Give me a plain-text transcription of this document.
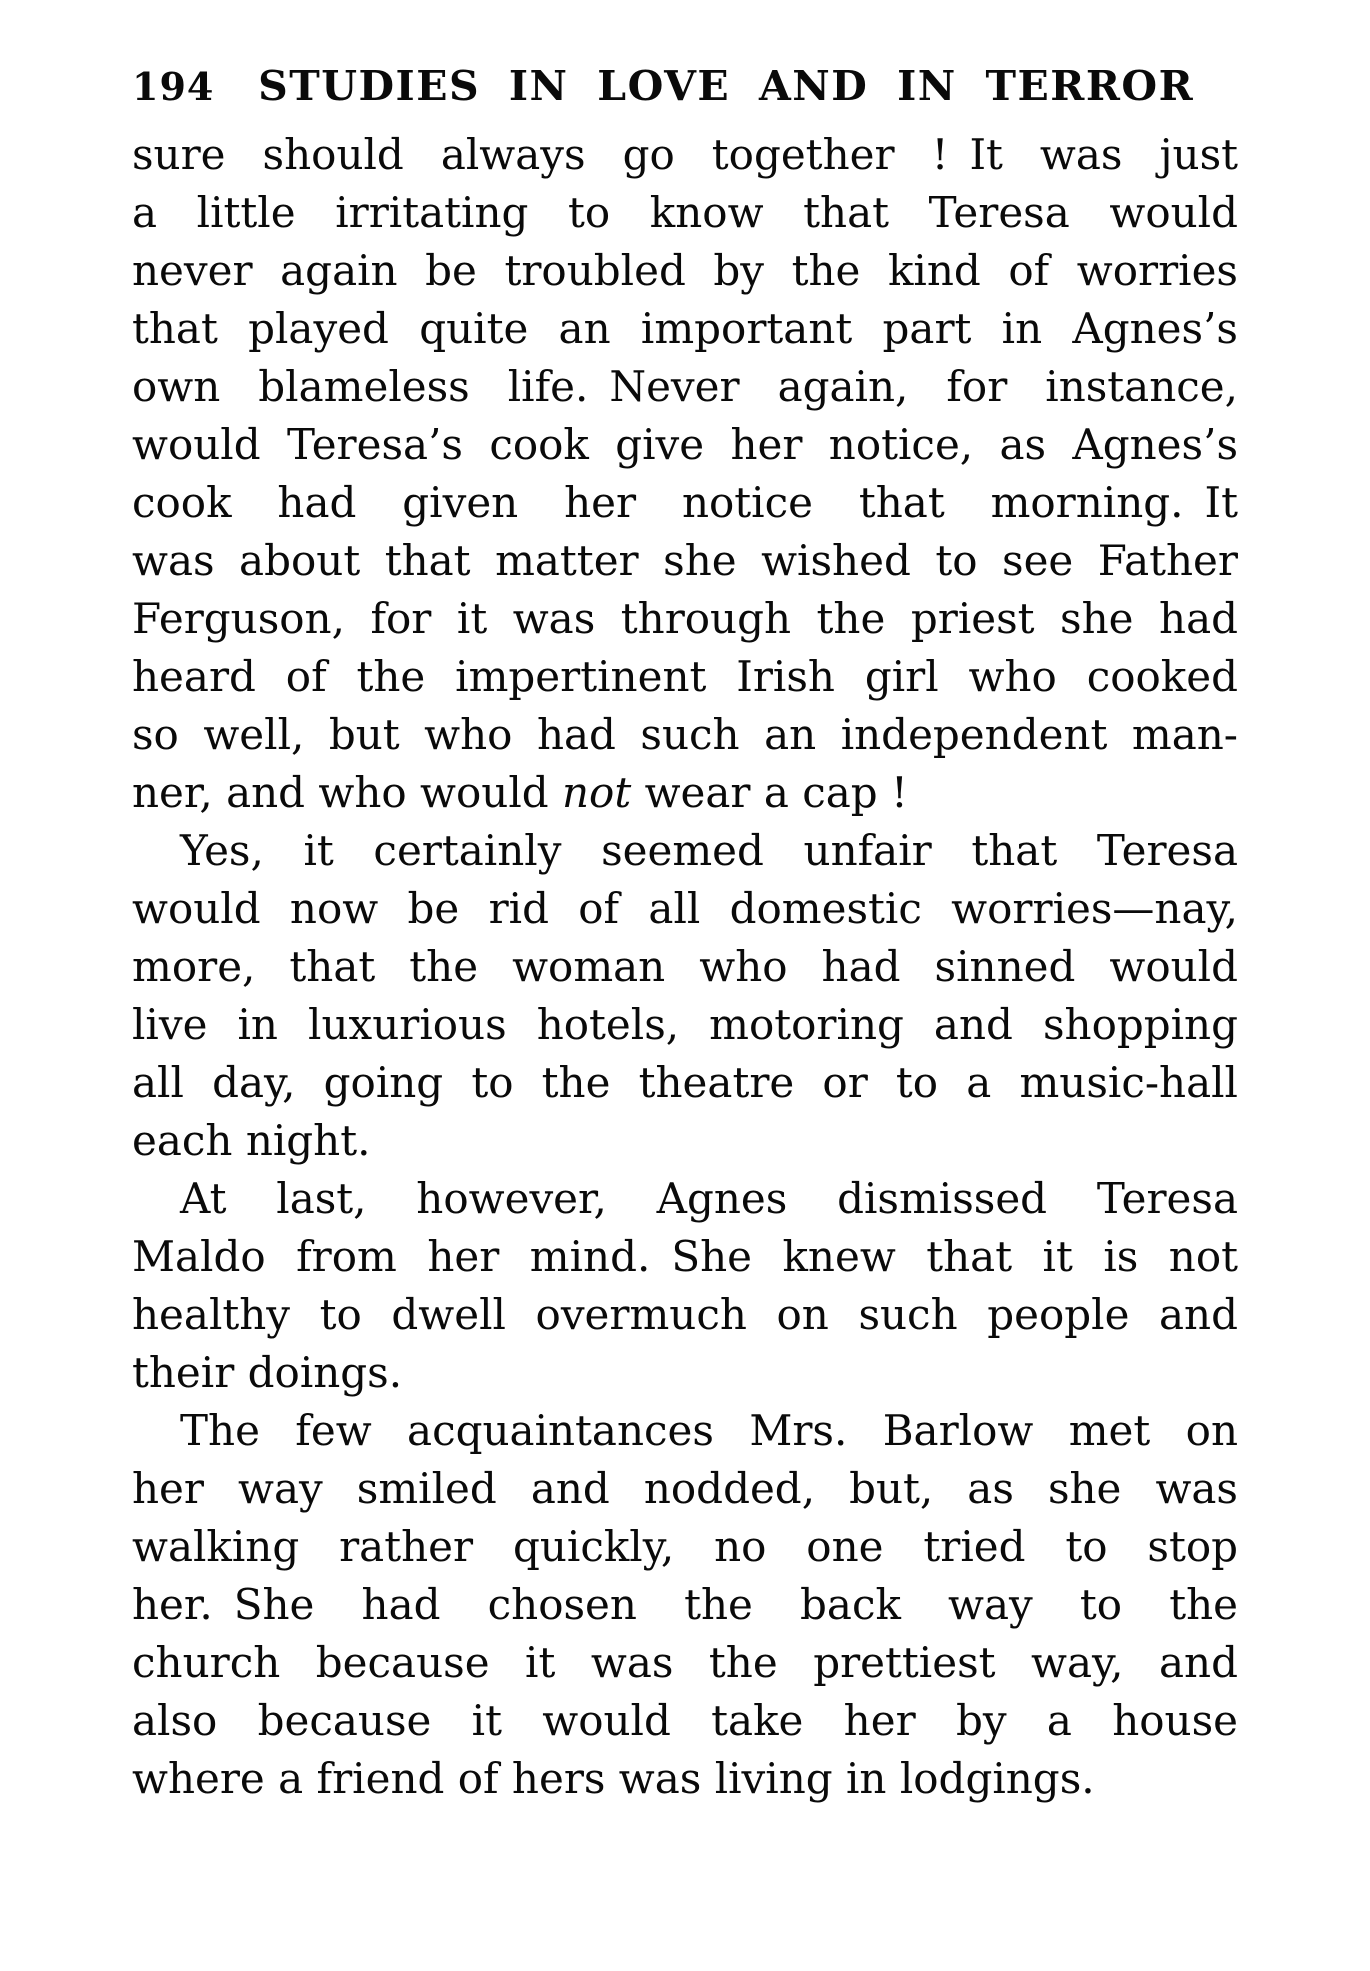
194	STUDIES IN LOVE AND IN TERROR
sure should always go together ! It was just
a little irritating to know that Teresa would
never again be troubled by the kind of worries
that played quite an important part in Agnes’s
own blameless life. Never again, for instance,
would Teresa’s cook give her notice, as Agnes’s
cook had given her notice that morning. It
was about that matter she wished to see Father
Ferguson, for it was through the priest she had
heard of the impertinent Irish girl who cooked
so well, but who had such an independent man-
ner, and who would not wear a cap !
Yes, it certainly seemed unfair that Teresa
would now be rid of all domestic worries—nay,
more, that the woman who had sinned would
live in luxurious hotels, motoring and shopping
all day, going to the theatre or to a music-hall
each night.
At last, however, Agnes dismissed Teresa
Maldo from her mind. She knew that it is not
healthy to dwell overmuch on such people and
their doings.
The few acquaintances Mrs. Barlow met on
her way smiled and nodded, but, as she was
walking rather quickly, no one tried to stop
her. She had chosen the back way to the
church because it was the prettiest way, and
also because it would take her by a house
where a friend of hers was living in lodgings.
